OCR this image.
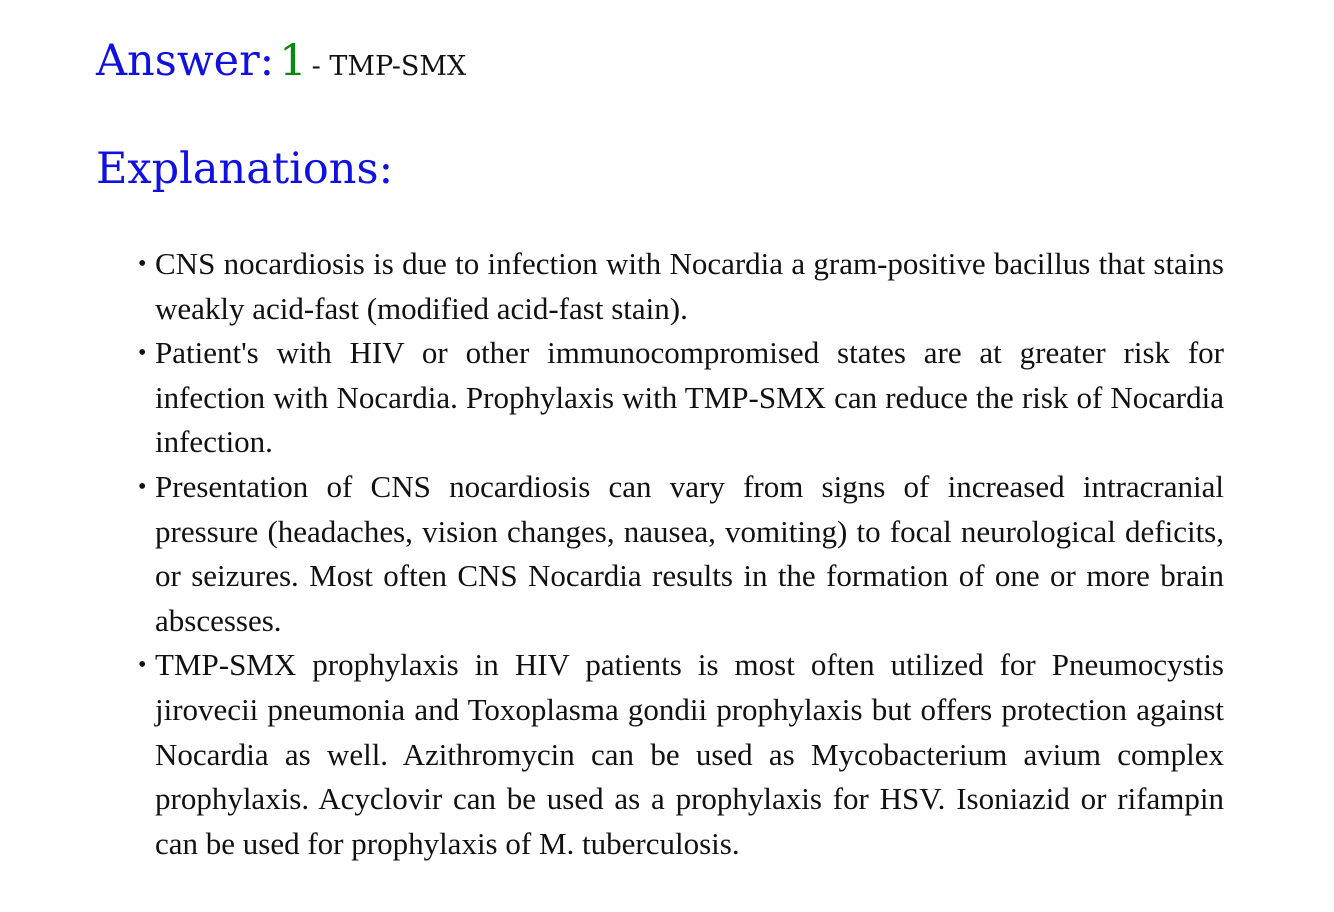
Answer: 1 - TMP-SMX
Explanations:
• CNS nocardiosis is due to infection with Nocardia a gram-positive bacillus that stains weakly acid-fast (modified acid-fast stain).
• Patient's with HIV or other immunocompromised states are at greater risk for infection with Nocardia. Prophylaxis with TMP-SMX can reduce the risk of Nocardia infection.
• Presentation of CNS nocardiosis can vary from signs of increased intracranial pressure (headaches, vision changes, nausea, vomiting) to focal neurological deficits, or seizures. Most often CNS Nocardia results in the formation of one or more brain abscesses.
• TMP-SMX prophylaxis in HIV patients is most often utilized for Pneumocystis jirovecii pneumonia and Toxoplasma gondii prophylaxis but offers protection against Nocardia as well. Azithromycin can be used as Mycobacterium avium complex prophylaxis. Acyclovir can be used as a prophylaxis for HSV. Isoniazid or rifampin can be used for prophylaxis of M. tuberculosis.
